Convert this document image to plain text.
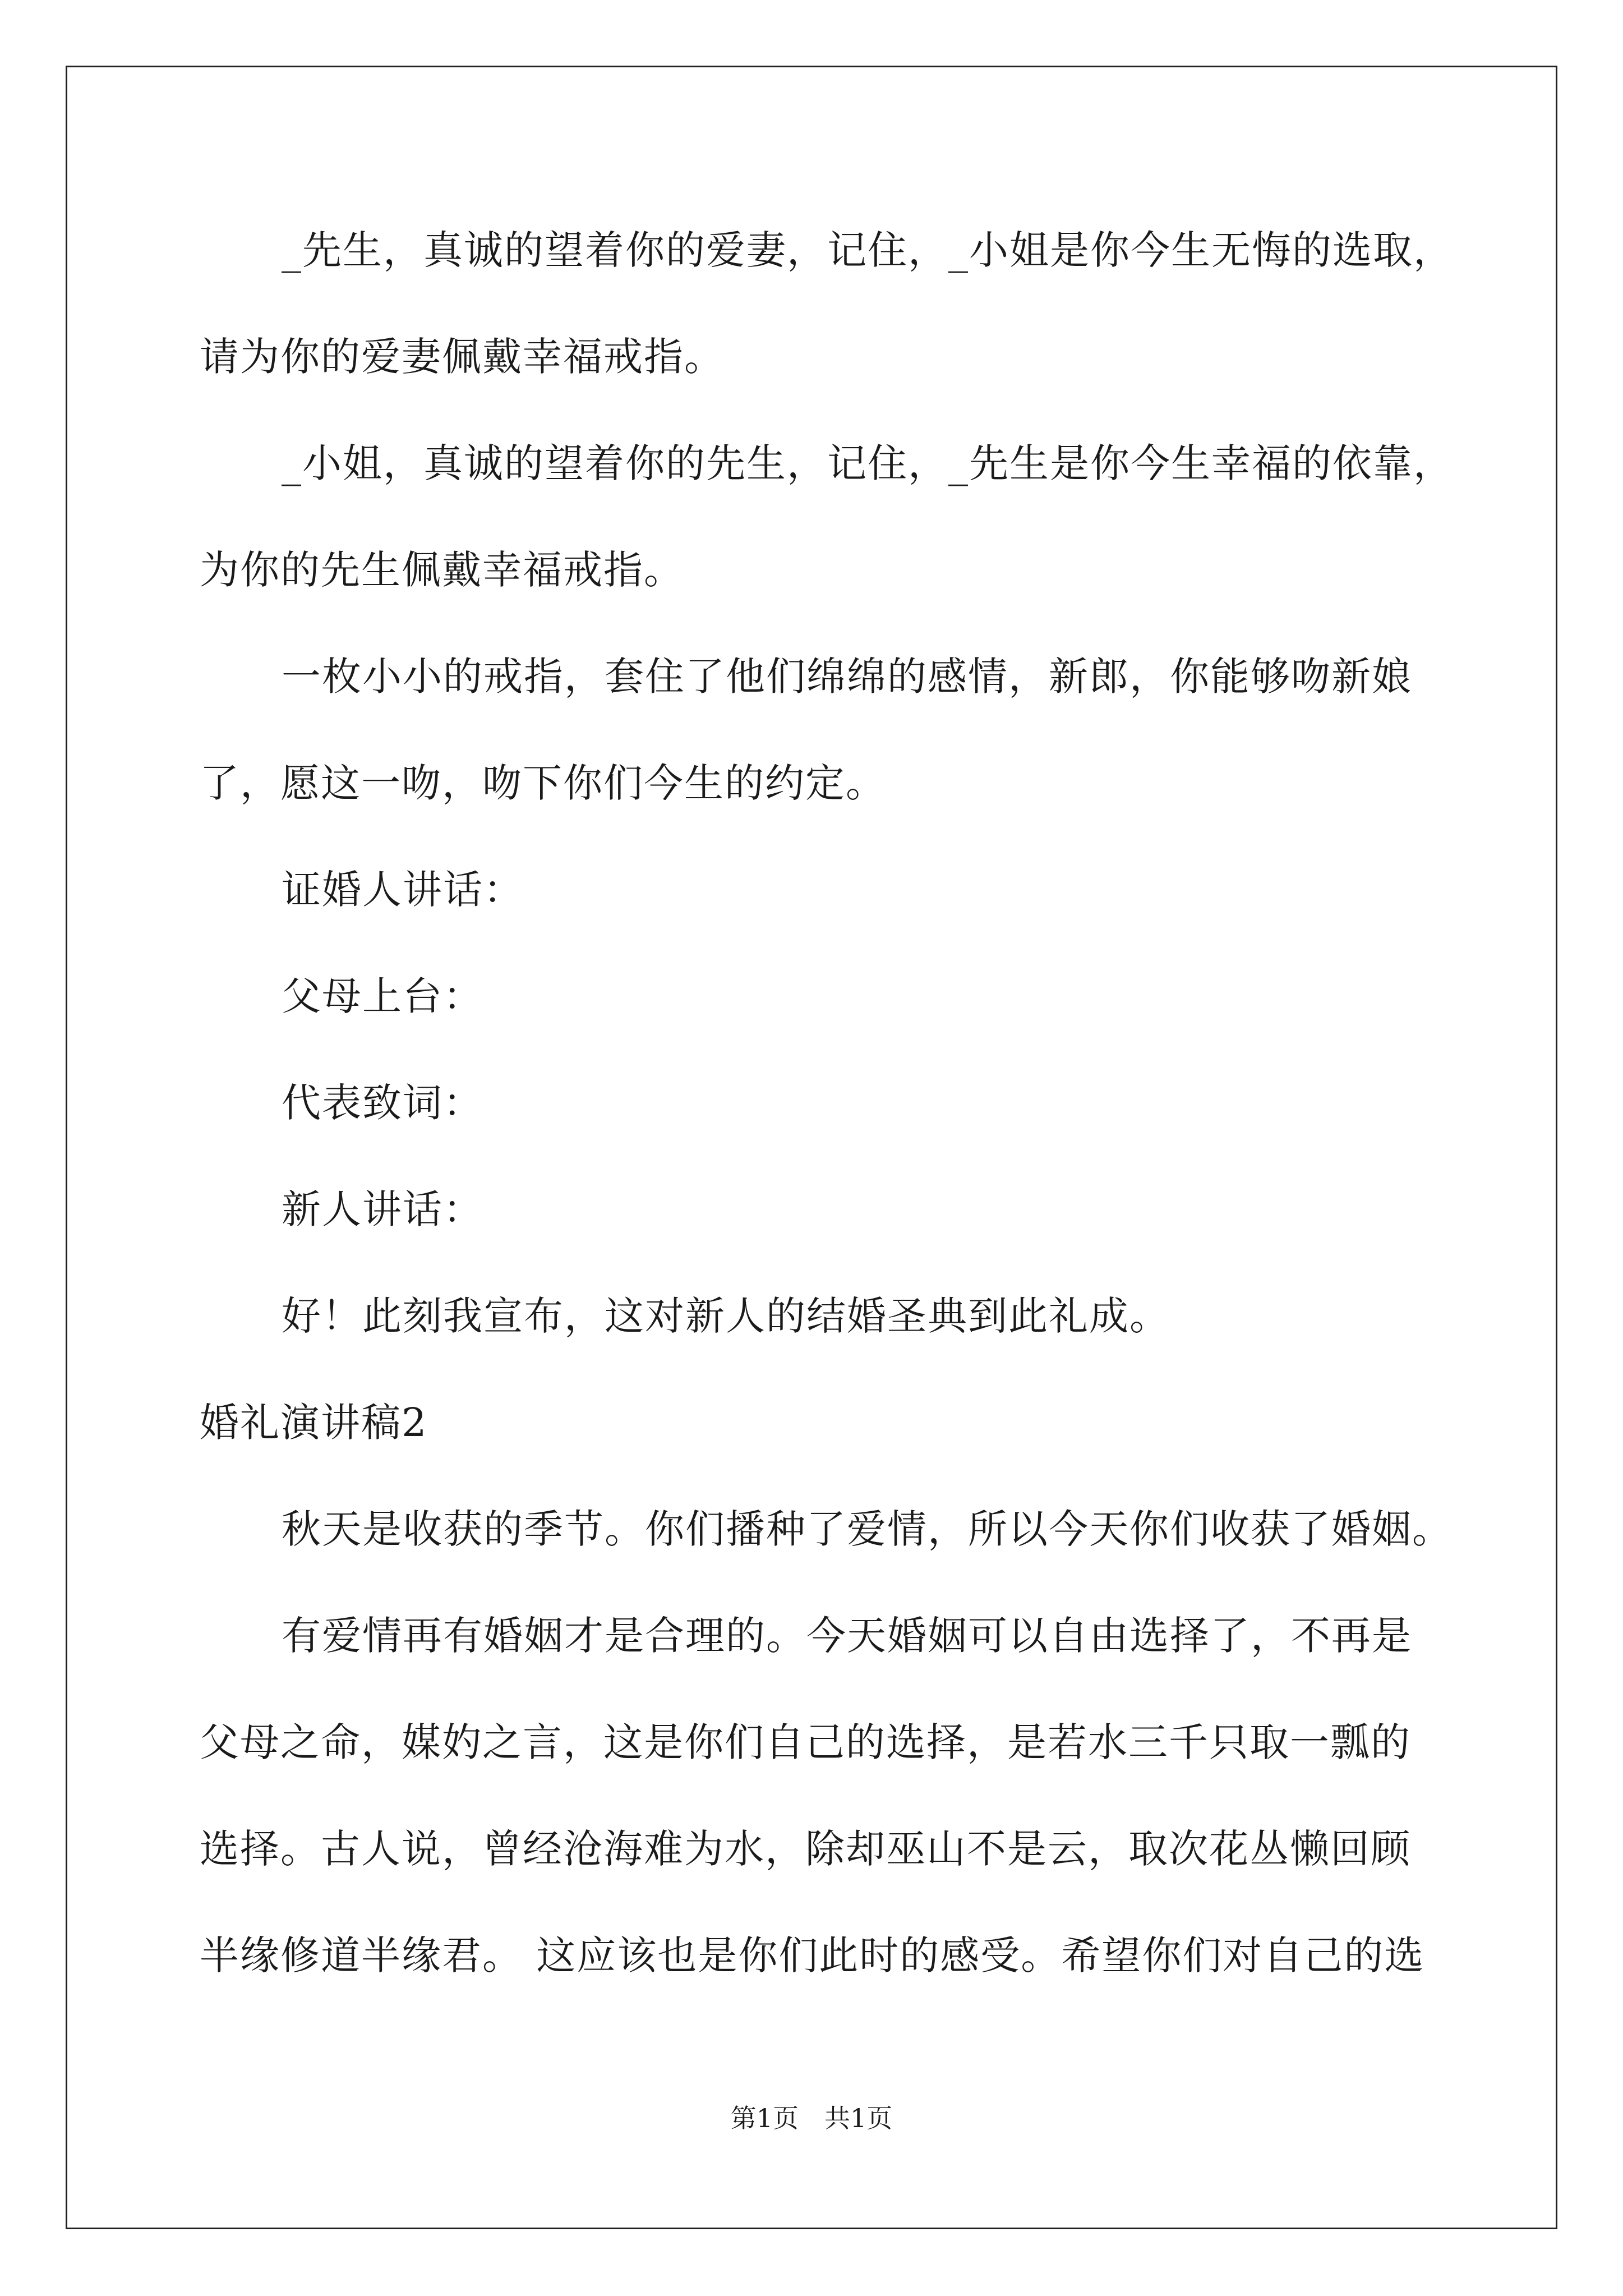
_先生，真诚的望着你的爱妻，记住，_小姐是你今生无悔的选取，
请为你的爱妻佩戴幸福戒指。
_小姐，真诚的望着你的先生，记住，_先生是你今生幸福的依靠，
为你的先生佩戴幸福戒指。
一枚小小的戒指，套住了他们绵绵的感情，新郎，你能够吻新娘
了，愿这一吻，吻下你们今生的约定。
证婚人讲话：
父母上台：
代表致词：
新人讲话：
好！此刻我宣布，这对新人的结婚圣典到此礼成。
婚礼演讲稿2
秋天是收获的季节。你们播种了爱情，所以今天你们收获了婚姻。
有爱情再有婚姻才是合理的。今天婚姻可以自由选择了，不再是
父母之命，媒妁之言，这是你们自己的选择，是若水三千只取一瓢的
选择。古人说，曾经沧海难为水，除却巫山不是云，取次花丛懒回顾
半缘修道半缘君。 这应该也是你们此时的感受。希望你们对自己的选
第1页　共1页
